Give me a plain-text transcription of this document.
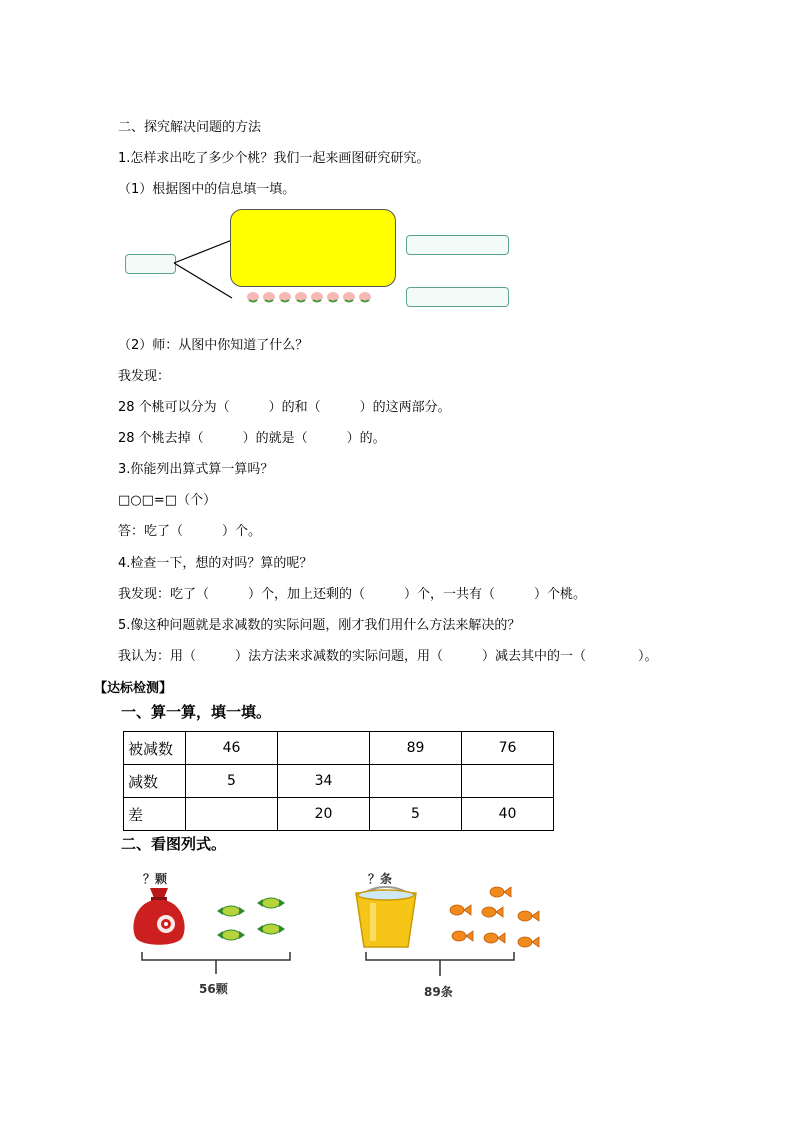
二、探究解决问题的方法
1.怎样求出吃了多少个桃？我们一起来画图研究研究。
（1）根据图中的信息填一填。
（2）师：从图中你知道了什么？
我发现：
28 个桃可以分为（　　　）的和（　　　）的这两部分。
28 个桃去掉（　　　）的就是（　　　）的。
3.你能列出算式算一算吗？
□○□=□（个）
答：吃了（　　　）个。
4.检查一下，想的对吗？算的呢？
我发现：吃了（　　　）个，加上还剩的（　　　）个，一共有（　　　）个桃。
5.像这种问题就是求减数的实际问题，刚才我们用什么方法来解决的？
我认为：用（　　　）法方法来求减数的实际问题，用（　　　）减去其中的一（　　　　）。
【达标检测】
一、算一算，填一填。
被减数	46		89	76
减数	5	34		
差		20	5	40
二、看图列式。
？颗
56颗
？条
89条
